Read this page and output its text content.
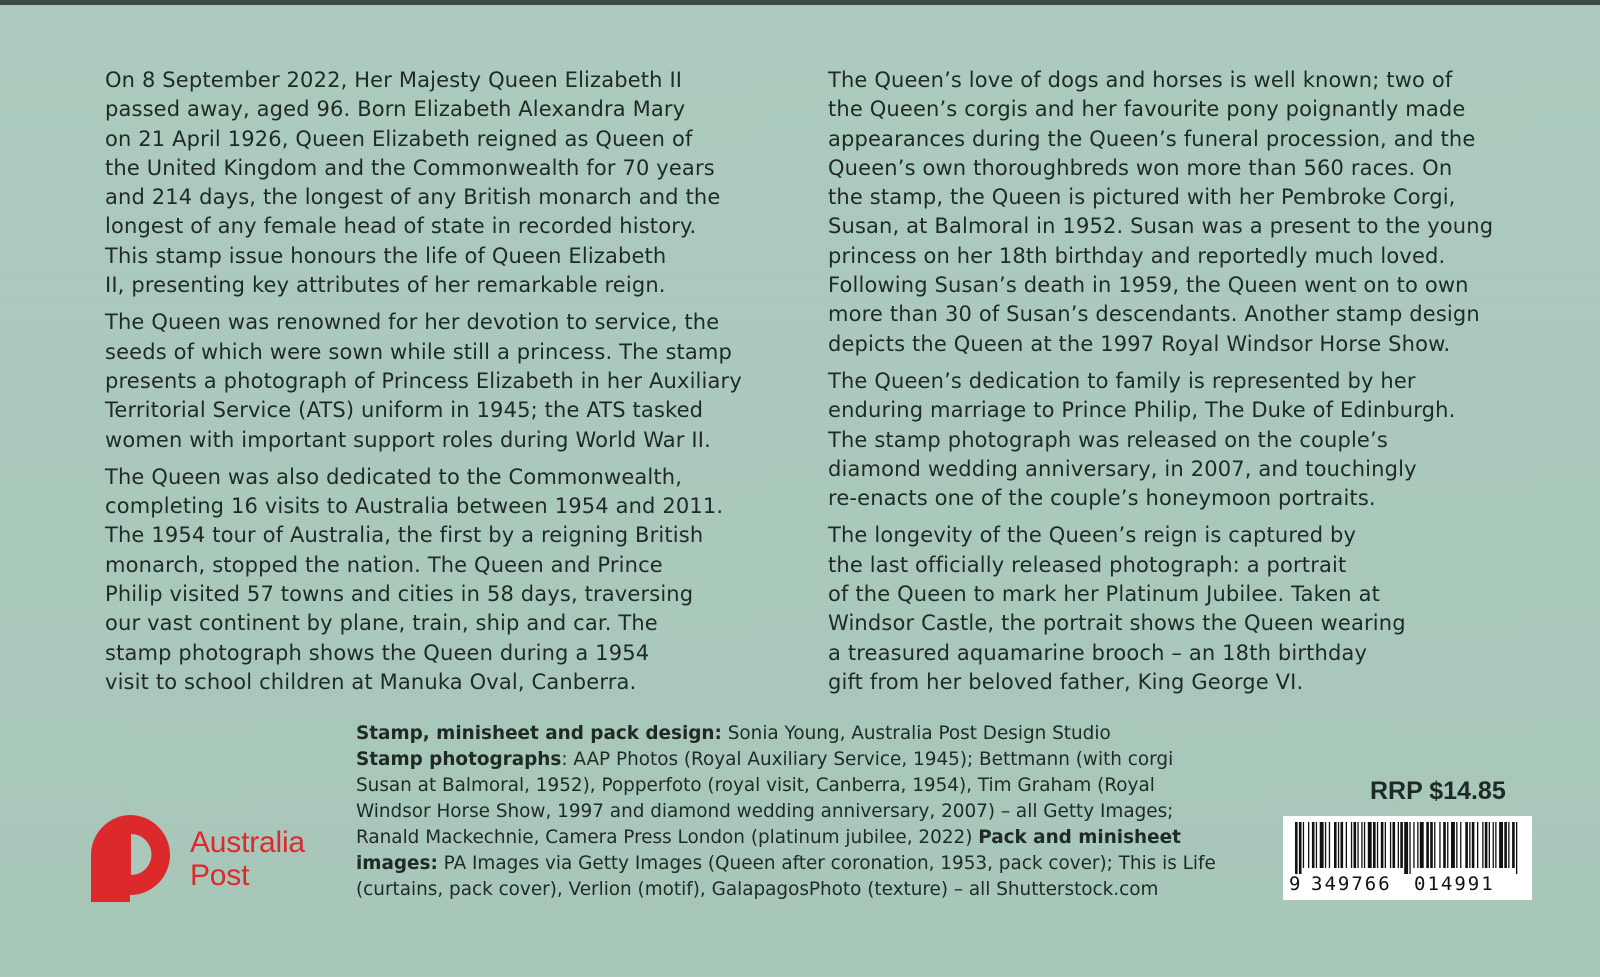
On 8 September 2022, Her Majesty Queen Elizabeth II
passed away, aged 96. Born Elizabeth Alexandra Mary
on 21 April 1926, Queen Elizabeth reigned as Queen of
the United Kingdom and the Commonwealth for 70 years
and 214 days, the longest of any British monarch and the
longest of any female head of state in recorded history.
This stamp issue honours the life of Queen Elizabeth
II, presenting key attributes of her remarkable reign.

The Queen was renowned for her devotion to service, the
seeds of which were sown while still a princess. The stamp
presents a photograph of Princess Elizabeth in her Auxiliary
Territorial Service (ATS) uniform in 1945; the ATS tasked
women with important support roles during World War II.

The Queen was also dedicated to the Commonwealth,
completing 16 visits to Australia between 1954 and 2011.
The 1954 tour of Australia, the first by a reigning British
monarch, stopped the nation. The Queen and Prince
Philip visited 57 towns and cities in 58 days, traversing
our vast continent by plane, train, ship and car. The
stamp photograph shows the Queen during a 1954
visit to school children at Manuka Oval, Canberra.

The Queen’s love of dogs and horses is well known; two of
the Queen’s corgis and her favourite pony poignantly made
appearances during the Queen’s funeral procession, and the
Queen’s own thoroughbreds won more than 560 races. On
the stamp, the Queen is pictured with her Pembroke Corgi,
Susan, at Balmoral in 1952. Susan was a present to the young
princess on her 18th birthday and reportedly much loved.
Following Susan’s death in 1959, the Queen went on to own
more than 30 of Susan’s descendants. Another stamp design
depicts the Queen at the 1997 Royal Windsor Horse Show.

The Queen’s dedication to family is represented by her
enduring marriage to Prince Philip, The Duke of Edinburgh.
The stamp photograph was released on the couple’s
diamond wedding anniversary, in 2007, and touchingly
re-enacts one of the couple’s honeymoon portraits.

The longevity of the Queen’s reign is captured by
the last officially released photograph: a portrait
of the Queen to mark her Platinum Jubilee. Taken at
Windsor Castle, the portrait shows the Queen wearing
a treasured aquamarine brooch – an 18th birthday
gift from her beloved father, King George VI.

Stamp, minisheet and pack design: Sonia Young, Australia Post Design Studio
Stamp photographs: AAP Photos (Royal Auxiliary Service, 1945); Bettmann (with corgi
Susan at Balmoral, 1952), Popperfoto (royal visit, Canberra, 1954), Tim Graham (Royal
Windsor Horse Show, 1997 and diamond wedding anniversary, 2007) – all Getty Images;
Ranald Mackechnie, Camera Press London (platinum jubilee, 2022) Pack and minisheet
images: PA Images via Getty Images (Queen after coronation, 1953, pack cover); This is Life
(curtains, pack cover), Verlion (motif), GalapagosPhoto (texture) – all Shutterstock.com
Australia
Post
RRP $14.85
9 349766 014991
